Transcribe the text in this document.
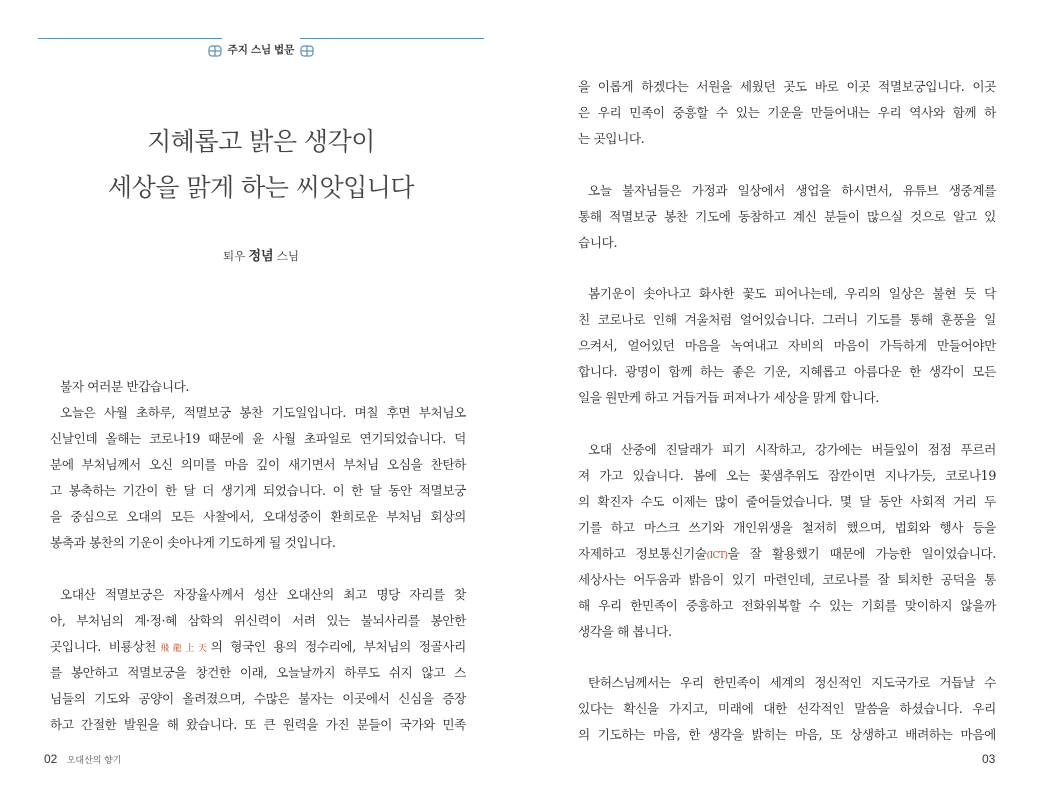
주지 스님 법문
지혜롭고 밝은 생각이
세상을 맑게 하는 씨앗입니다
퇴우 정념 스님
불자 여러분 반갑습니다.
오늘은 사월 초하루, 적멸보궁 봉찬 기도일입니다. 며칠 후면 부처님오
신날인데 올해는 코로나19 때문에 윤 사월 초파일로 연기되었습니다. 덕
분에 부처님께서 오신 의미를 마음 깊이 새기면서 부처님 오심을 찬탄하
고 봉축하는 기간이 한 달 더 생기게 되었습니다. 이 한 달 동안 적멸보궁
을 중심으로 오대의 모든 사찰에서, 오대성중이 환희로운 부처님 회상의
봉축과 봉찬의 기운이 솟아나게 기도하게 될 것입니다.
오대산 적멸보궁은 자장율사께서 성산 오대산의 최고 명당 자리를 찾
아, 부처님의 계·정·혜 삼학의 위신력이 서려 있는 불뇌사리를 봉안한
곳입니다. 비룡상천飛龍上天의 형국인 용의 정수리에, 부처님의 정골사리
를 봉안하고 적멸보궁을 창건한 이래, 오늘날까지 하루도 쉬지 않고 스
님들의 기도와 공양이 올려졌으며, 수많은 불자는 이곳에서 신심을 증장
하고 간절한 발원을 해 왔습니다. 또 큰 원력을 가진 분들이 국가와 민족
을 이롭게 하겠다는 서원을 세웠던 곳도 바로 이곳 적멸보궁입니다. 이곳
은 우리 민족이 중흥할 수 있는 기운을 만들어내는 우리 역사와 함께 하
는 곳입니다.
오늘 불자님들은 가정과 일상에서 생업을 하시면서, 유튜브 생중계를
통해 적멸보궁 봉찬 기도에 동참하고 계신 분들이 많으실 것으로 알고 있
습니다.
봄기운이 솟아나고 화사한 꽃도 피어나는데, 우리의 일상은 불현 듯 닥
친 코로나로 인해 겨울처럼 얼어있습니다. 그러니 기도를 통해 훈풍을 일
으켜서, 얼어있던 마음을 녹여내고 자비의 마음이 가득하게 만들어야만
합니다. 광명이 함께 하는 좋은 기운, 지혜롭고 아름다운 한 생각이 모든
일을 원만케 하고 거듭거듭 퍼져나가 세상을 맑게 합니다.
오대 산중에 진달래가 피기 시작하고, 강가에는 버들잎이 점점 푸르러
져 가고 있습니다. 봄에 오는 꽃샘추위도 잠깐이면 지나가듯, 코로나19
의 확진자 수도 이제는 많이 줄어들었습니다. 몇 달 동안 사회적 거리 두
기를 하고 마스크 쓰기와 개인위생을 철저히 했으며, 법회와 행사 등을
자제하고 정보통신기술(ICT)을 잘 활용했기 때문에 가능한 일이었습니다.
세상사는 어두움과 밝음이 있기 마련인데, 코로나를 잘 퇴치한 공덕을 통
해 우리 한민족이 중흥하고 전화위복할 수 있는 기회를 맞이하지 않을까
생각을 해 봅니다.
탄허스님께서는 우리 한민족이 세계의 정신적인 지도국가로 거듭날 수
있다는 확신을 가지고, 미래에 대한 선각적인 말씀을 하셨습니다. 우리
의 기도하는 마음, 한 생각을 밝히는 마음, 또 상생하고 배려하는 마음에
02 오대산의 향기	03
